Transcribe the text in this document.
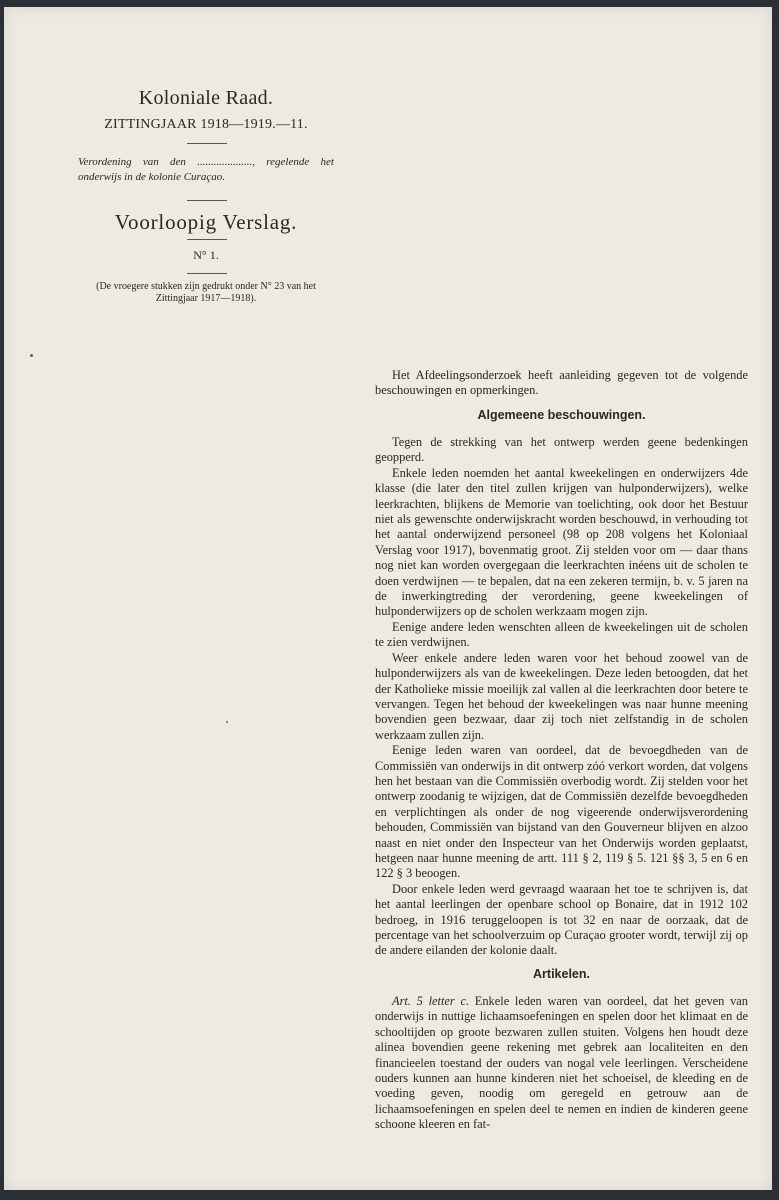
Koloniale Raad.
ZITTINGJAAR 1918—1919.—11.
Verordening van den ...................., regelende het onderwijs in de kolonie Curaçao.
Voorloopig Verslag.
N° 1.
(De vroegere stukken zijn gedrukt onder N° 23 van het Zittingjaar 1917—1918).

Het Afdeelingsonderzoek heeft aanleiding gegeven tot de volgende beschouwingen en opmerkingen.

Algemeene beschouwingen.

Tegen de strekking van het ontwerp werden geene bedenkingen geopperd.

Enkele leden noemden het aantal kweekelingen en onderwijzers 4de klasse (die later den titel zullen krijgen van hulponderwijzers), welke leerkrachten, blijkens de Memorie van toelichting, ook door het Bestuur niet als gewenschte onderwijskracht worden beschouwd, in verhouding tot het aantal onderwijzend personeel (98 op 208 volgens het Koloniaal Verslag voor 1917), bovenmatig groot. Zij stelden voor om — daar thans nog niet kan worden overgegaan die leerkrachten inéens uit de scholen te doen verdwijnen — te bepalen, dat na een zekeren termijn, b. v. 5 jaren na de inwerkingtreding der verordening, geene kweekelingen of hulponderwijzers op de scholen werkzaam mogen zijn.

Eenige andere leden wenschten alleen de kweekelingen uit de scholen te zien verdwijnen.

Weer enkele andere leden waren voor het behoud zoowel van de hulponderwijzers als van de kweekelingen. Deze leden betoogden, dat het der Katholieke missie moeilijk zal vallen al die leerkrachten door betere te vervangen. Tegen het behoud der kweekelingen was naar hunne meening bovendien geen bezwaar, daar zij toch niet zelfstandig in de scholen werkzaam zullen zijn.

Eenige leden waren van oordeel, dat de bevoegdheden van de Commissiën van onderwijs in dit ontwerp zóó verkort worden, dat volgens hen het bestaan van die Commissiën overbodig wordt. Zij stelden voor het ontwerp zoodanig te wijzigen, dat de Commissiën dezelfde bevoegdheden en verplichtingen als onder de nog vigeerende onderwijsverordening behouden, Commissiën van bijstand van den Gouverneur blijven en alzoo naast en niet onder den Inspecteur van het Onderwijs worden geplaatst, hetgeen naar hunne meening de artt. 111 § 2, 119 § 5. 121 §§ 3, 5 en 6 en 122 § 3 beoogen.

Door enkele leden werd gevraagd waaraan het toe te schrijven is, dat het aantal leerlingen der openbare school op Bonaire, dat in 1912 102 bedroeg, in 1916 teruggeloopen is tot 32 en naar de oorzaak, dat de percentage van het schoolverzuim op Curaçao grooter wordt, terwijl zij op de andere eilanden der kolonie daalt.

Artikelen.

Art. 5 letter c. Enkele leden waren van oordeel, dat het geven van onderwijs in nuttige lichaamsoefeningen en spelen door het klimaat en de schooltijden op groote bezwaren zullen stuiten. Volgens hen houdt deze alinea bovendien geene rekening met gebrek aan localiteiten en den financieelen toestand der ouders van nogal vele leerlingen. Verscheidene ouders kunnen aan hunne kinderen niet het schoeisel, de kleeding en de voeding geven, noodig om geregeld en getrouw aan de lichaamsoefeningen en spelen deel te nemen en indien de kinderen geene schoone kleeren en fat-
